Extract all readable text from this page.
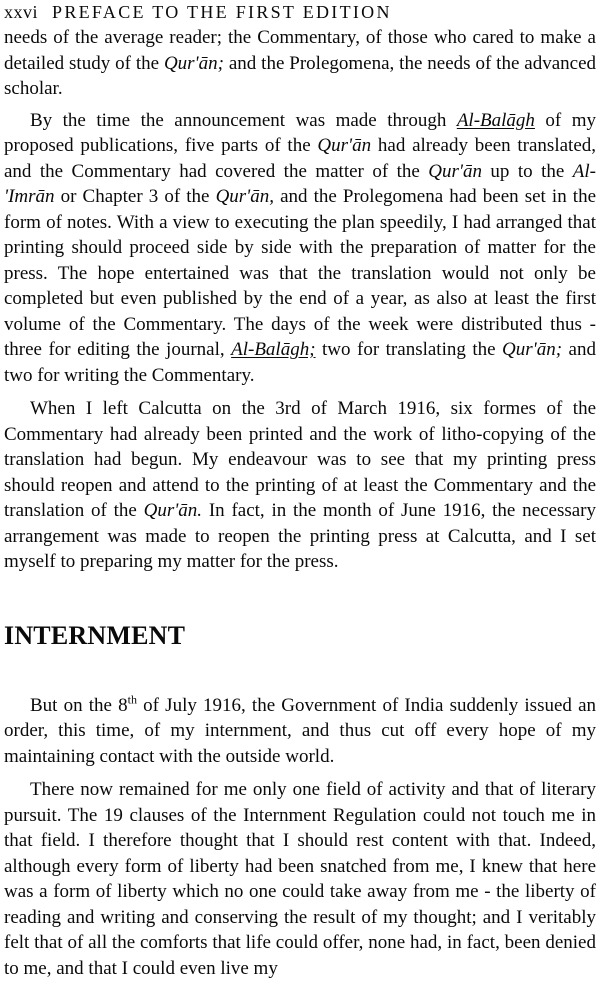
xxvi PREFACE TO THE FIRST EDITION

needs of the average reader; the Commentary, of those who cared to make a detailed study of the Qur'ān; and the Prolegomena, the needs of the advanced scholar.

By the time the announcement was made through Al-Balāgh of my proposed publications, five parts of the Qur'ān had already been translated, and the Commentary had covered the matter of the Qur'ān up to the Al-'Imrān or Chapter 3 of the Qur'ān, and the Prolegomena had been set in the form of notes. With a view to executing the plan speedily, I had arranged that printing should proceed side by side with the preparation of matter for the press. The hope entertained was that the translation would not only be completed but even published by the end of a year, as also at least the first volume of the Commentary. The days of the week were distributed thus - three for editing the journal, Al-Balāgh; two for translating the Qur'ān; and two for writing the Commentary.

When I left Calcutta on the 3rd of March 1916, six formes of the Commentary had already been printed and the work of litho-copying of the translation had begun. My endeavour was to see that my printing press should reopen and attend to the printing of at least the Commentary and the translation of the Qur'ān. In fact, in the month of June 1916, the necessary arrangement was made to reopen the printing press at Calcutta, and I set myself to preparing my matter for the press.

INTERNMENT

But on the 8th of July 1916, the Government of India suddenly issued an order, this time, of my internment, and thus cut off every hope of my maintaining contact with the outside world.

There now remained for me only one field of activity and that of literary pursuit. The 19 clauses of the Internment Regulation could not touch me in that field. I therefore thought that I should rest content with that. Indeed, although every form of liberty had been snatched from me, I knew that here was a form of liberty which no one could take away from me - the liberty of reading and writing and conserving the result of my thought; and I veritably felt that of all the comforts that life could offer, none had, in fact, been denied to me, and that I could even live my
